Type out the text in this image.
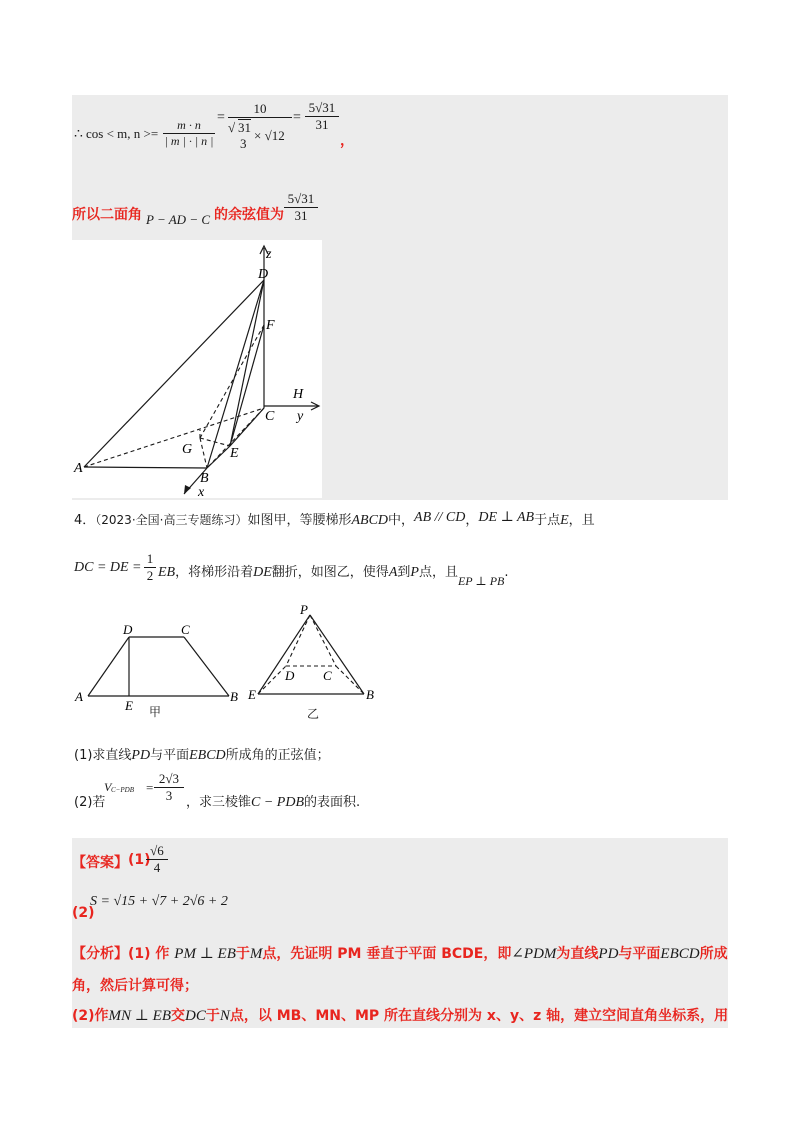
∴ cos < m, $n >= \frac{m \cdot n}{| m | \cdot | n |}$
= 10
√ 31
3
× $√12 = \frac{5√31}{31}$
，
所以二面角 P − AD − C 的余弦值为 $\frac{5√31}{31}$
z
D
F
H
y
C
G	E
A
B
x
4．（2023·全国·高三专题练习）如图甲，等腰梯形ABCD中，AB // CD，DE ⊥ AB于点E，且
DC = DE = $\frac{1}{2}$ EB，将梯形沿着DE翻折，如图乙，使得A到P点，且EP ⊥ PB.
D	C
A
E
B
甲
P
D C
E	B
乙
(1)求直线PD与平面EBCD所成角的正弦值；
(2)若
V $C-PDB = \frac{2√3}{3}$ ，求三棱锥C − PDB的表面积.
【答案】 (1)
$\frac{√6}{4}$
(2)
S = √15 + √7 + 2√6 + 2
【分析】(1) 作 PM ⊥ EB于M点，先证明 PM 垂直于平面 BCDE，即∠PDM为直线PD与平面EBCD所成
角，然后计算可得；
(2)作MN ⊥ EB交DC于N点，以 MB、MN、MP 所在直线分别为 x、y、z 轴，建立空间直角坐标系，用
